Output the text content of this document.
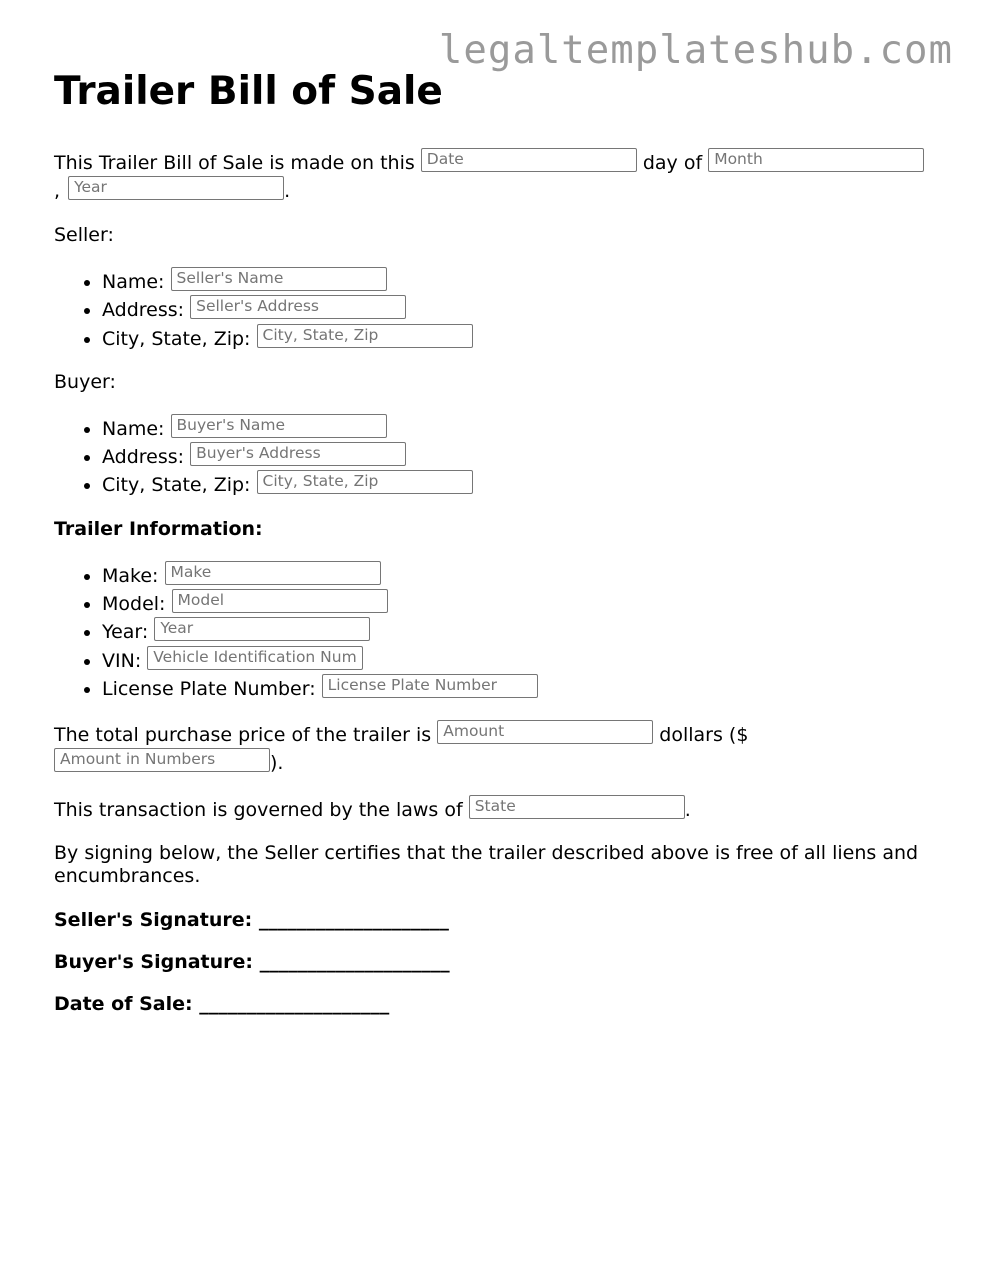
legaltemplateshub.com
Trailer Bill of Sale

This Trailer Bill of Sale is made on this Date	day of Month
, Year	.

Seller:

• Name: Seller's Name
• Address: Seller's Address
• City, State, Zip: City, State, Zip

Buyer:

• Name: Buyer's Name
• Address: Buyer's Address
• City, State, Zip: City, State, Zip

Trailer Information:

• Make: Make
• Model: Model
• Year: Year
• VIN: Vehicle Identification Num
• License Plate Number: License Plate Number

The total purchase price of the trailer is Amount	dollars ($
Amount in Numbers	).

This transaction is governed by the laws of State	.

By signing below, the Seller certifies that the trailer described above is free of all liens and encumbrances.

Seller's Signature: ____________________

Buyer's Signature: ____________________

Date of Sale: ____________________
